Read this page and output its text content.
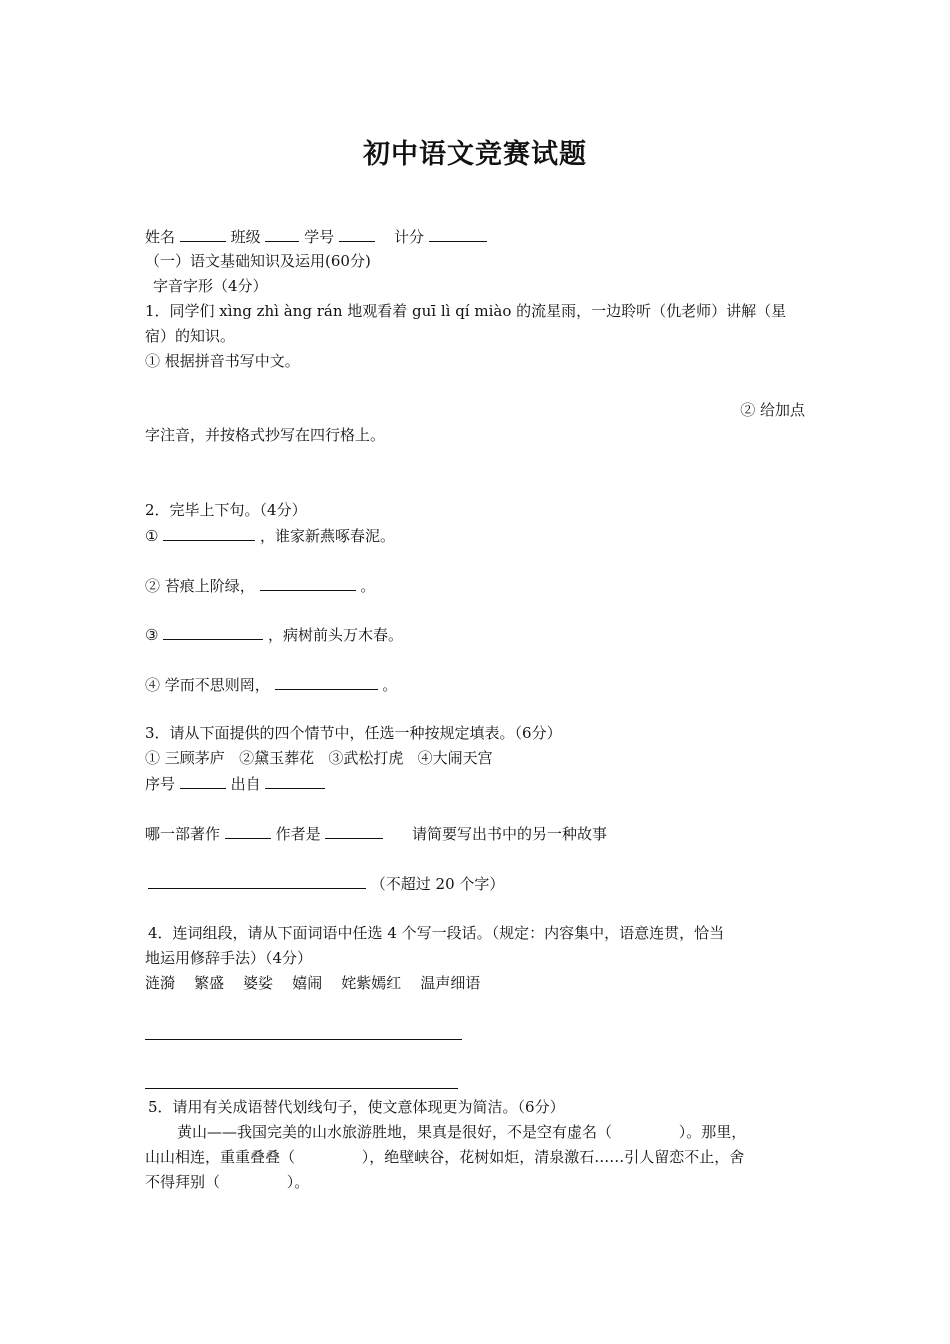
初中语文竞赛试题
姓名	班级	学号	计分
（一）语文基础知识及运用(60分)
字音字形（4分）
1．同学们 xìng zhì àng rán 地观看着 guī lì qí miào 的流星雨，一边聆听（仇老师）讲解（星
宿）的知识。
① 根据拼音书写中文。
② 给加点
字注音，并按格式抄写在四行格上。
2．完毕上下句。（4分）
①	，谁家新燕啄春泥。
② 苔痕上阶绿，	。
③	，病树前头万木春。
④ 学而不思则罔，	。
3．请从下面提供的四个情节中，任选一种按规定填表。（6分）
① 三顾茅庐   ②黛玉葬花   ③武松打虎   ④大闹天宫
序号	出自
哪一部著作	作者是	请简要写出书中的另一种故事
（不超过 20 个字）
4．连词组段，请从下面词语中任选 4 个写一段话。（规定：内容集中，语意连贯，恰当
地运用修辞手法）（4分）
涟漪    繁盛    婆娑    嬉闹    姹紫嫣红    温声细语
5．请用有关成语替代划线句子，使文意体现更为简洁。（6分）
黄山——我国完美的山水旅游胜地，果真是很好，不是空有虚名（              ）。那里，
山山相连，重重叠叠（              ），绝壁峡谷，花树如炬，清泉激石……引人留恋不止，舍
不得拜别（              ）。
